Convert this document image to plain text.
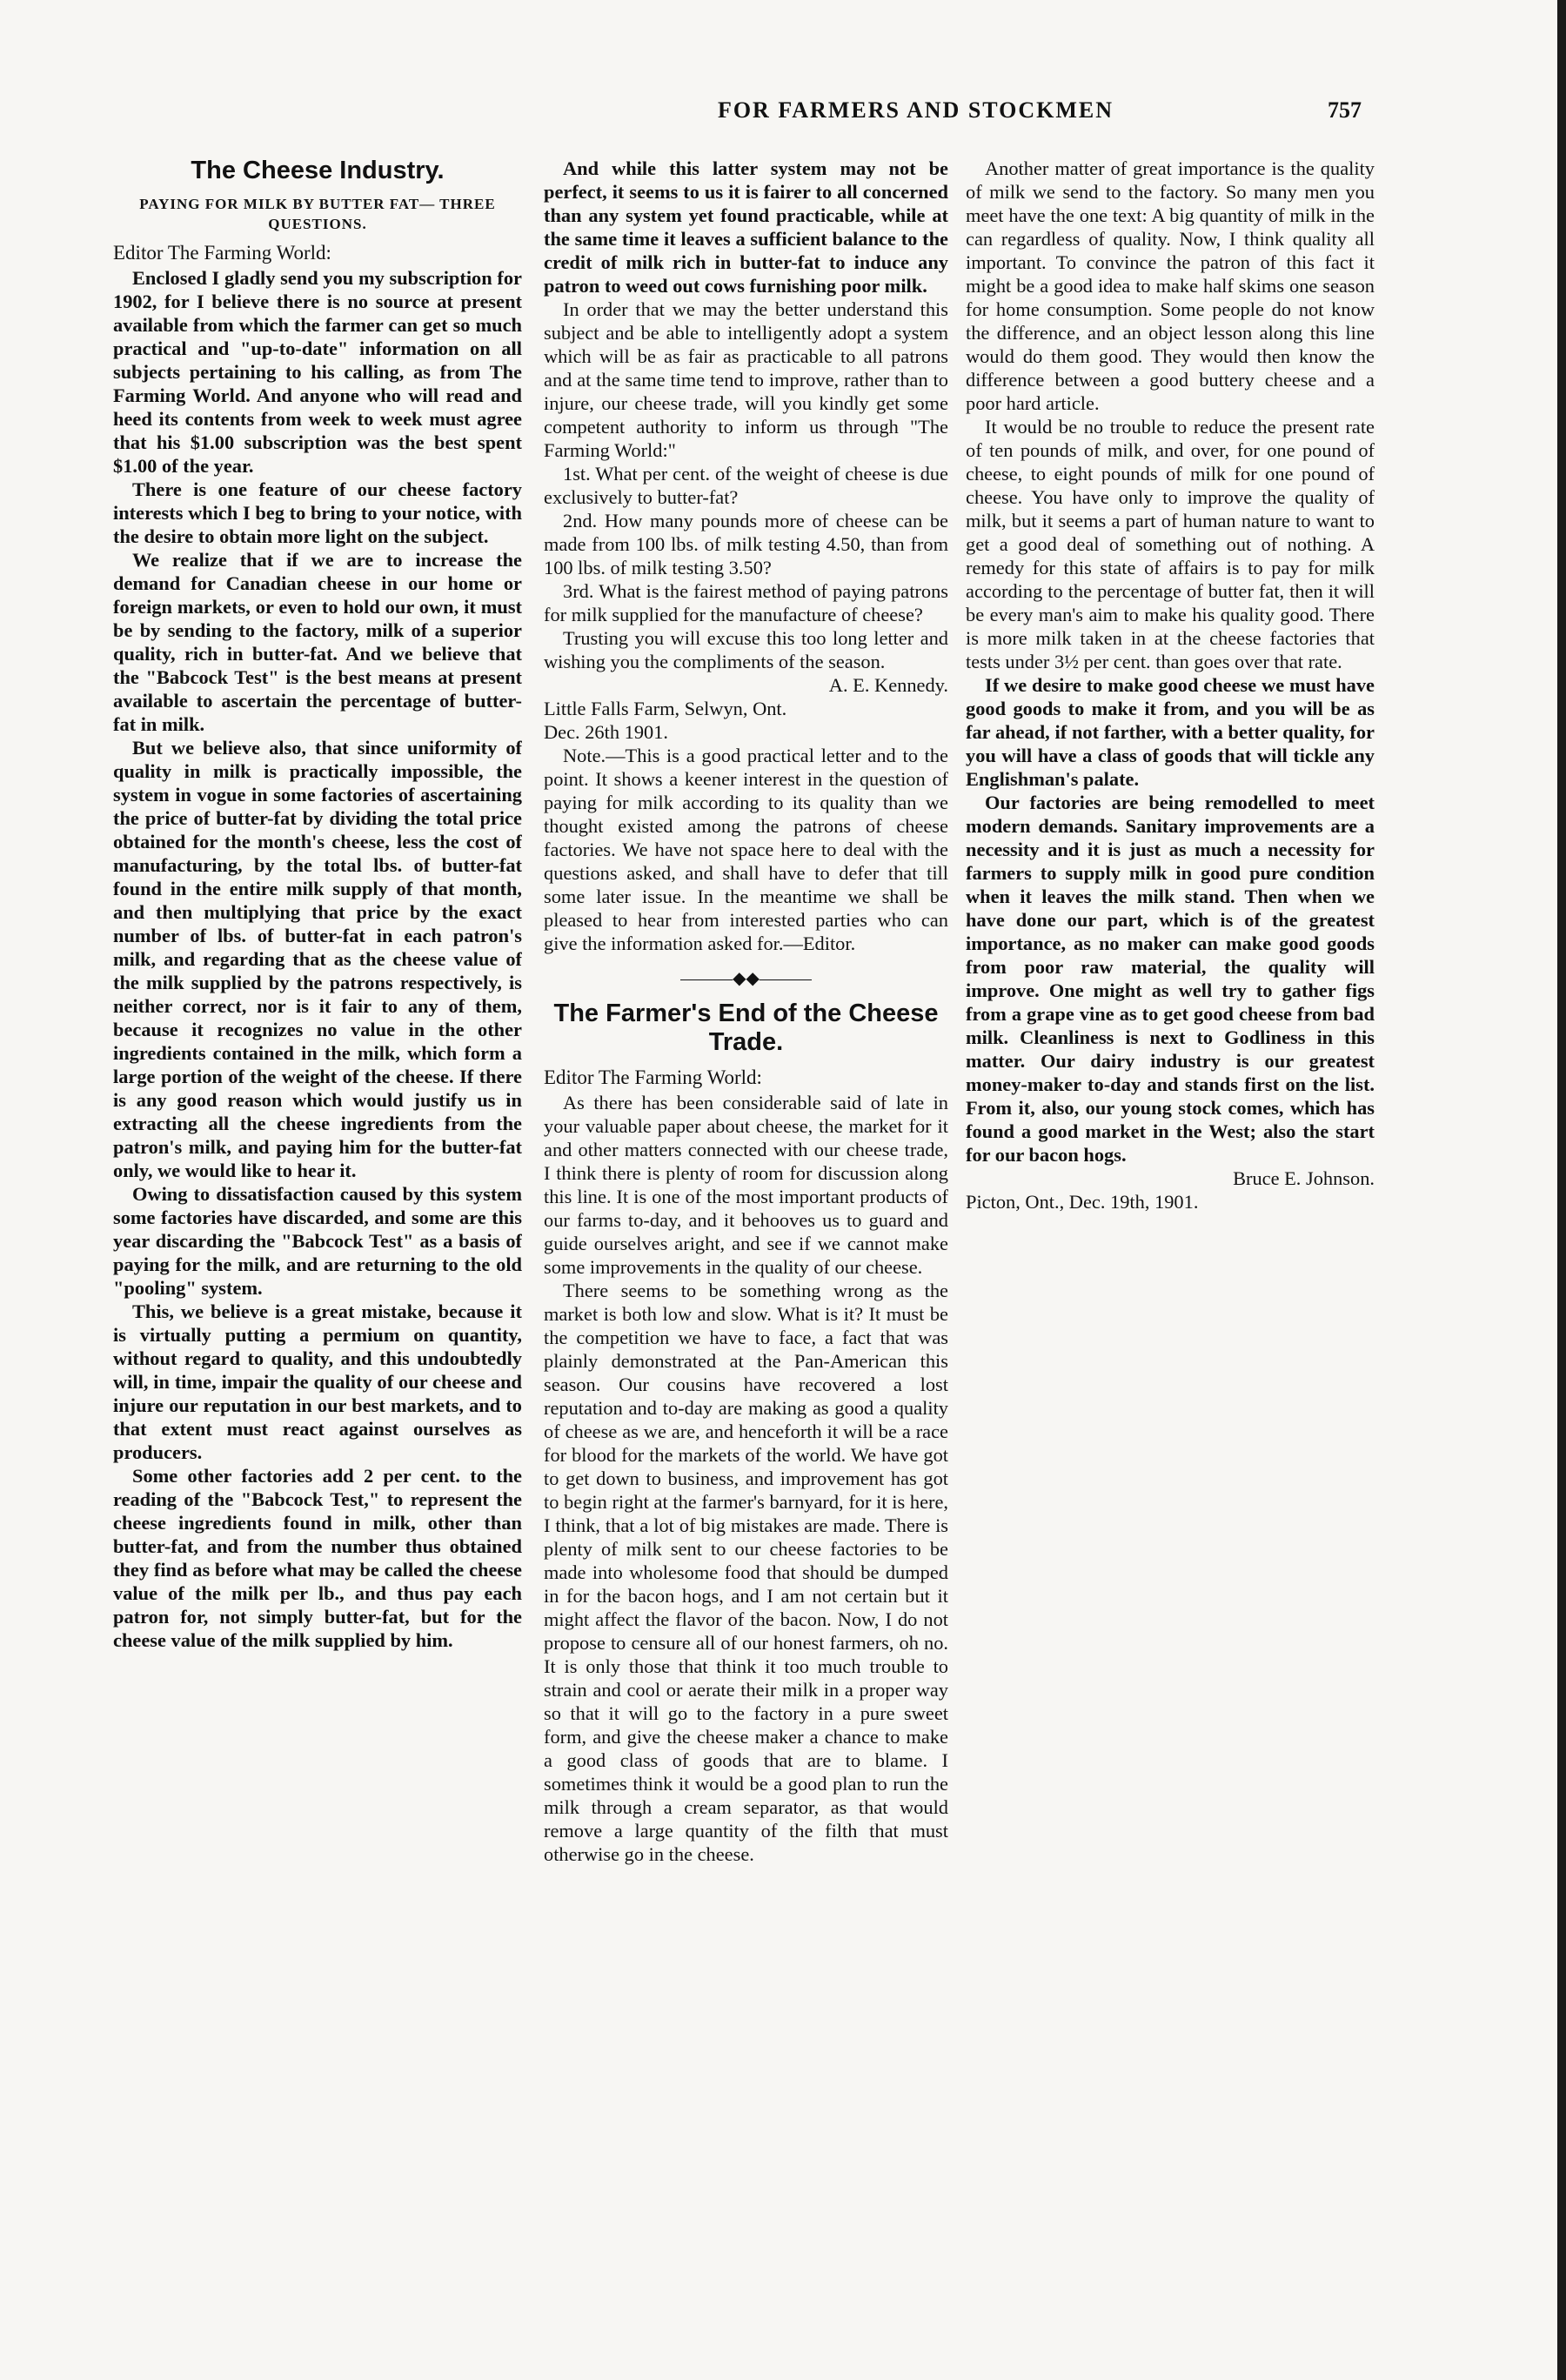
FOR FARMERS AND STOCKMEN	757
The Cheese Industry.
PAYING FOR MILK BY BUTTER FAT— THREE QUESTIONS.

Editor The Farming World:

Enclosed I gladly send you my subscription for 1902, for I believe there is no source at present available from which the farmer can get so much practical and "up-to-date" information on all subjects pertaining to his calling, as from The Farming World. And anyone who will read and heed its contents from week to week must agree that his $1.00 subscription was the best spent $1.00 of the year.

There is one feature of our cheese factory interests which I beg to bring to your notice, with the desire to obtain more light on the subject.

We realize that if we are to increase the demand for Canadian cheese in our home or foreign markets, or even to hold our own, it must be by sending to the factory, milk of a superior quality, rich in butter-fat. And we believe that the "Babcock Test" is the best means at present available to ascertain the percentage of butter-fat in milk.

But we believe also, that since uniformity of quality in milk is practically impossible, the system in vogue in some factories of ascertaining the price of butter-fat by dividing the total price obtained for the month's cheese, less the cost of manufacturing, by the total lbs. of butter-fat found in the entire milk supply of that month, and then multiplying that price by the exact number of lbs. of butter-fat in each patron's milk, and regarding that as the cheese value of the milk supplied by the patrons respectively, is neither correct, nor is it fair to any of them, because it recognizes no value in the other ingredients contained in the milk, which form a large portion of the weight of the cheese. If there is any good reason which would justify us in extracting all the cheese ingredients from the patron's milk, and paying him for the butter-fat only, we would like to hear it.

Owing to dissatisfaction caused by this system some factories have discarded, and some are this year discarding the "Babcock Test" as a basis of paying for the milk, and are returning to the old "pooling" system.

This, we believe is a great mistake, because it is virtually putting a permium on quantity, without regard to quality, and this undoubtedly will, in time, impair the quality of our cheese and injure our reputation in our best markets, and to that extent must react against ourselves as producers.

Some other factories add 2 per cent. to the reading of the "Babcock Test," to represent the cheese ingredients found in milk, other than butter-fat, and from the number thus obtained they find as before what may be called the cheese value of the milk per lb., and thus pay each patron for, not simply butter-fat, but for the cheese value of the milk supplied by him.

And while this latter system may not be perfect, it seems to us it is fairer to all concerned than any system yet found practicable, while at the same time it leaves a sufficient balance to the credit of milk rich in butter-fat to induce any patron to weed out cows furnishing poor milk.

In order that we may the better understand this subject and be able to intelligently adopt a system which will be as fair as practicable to all patrons and at the same time tend to improve, rather than to injure, our cheese trade, will you kindly get some competent authority to inform us through "The Farming World:"

1st. What per cent. of the weight of cheese is due exclusively to butter-fat?

2nd. How many pounds more of cheese can be made from 100 lbs. of milk testing 4.50, than from 100 lbs. of milk testing 3.50?

3rd. What is the fairest method of paying patrons for milk supplied for the manufacture of cheese?

Trusting you will excuse this too long letter and wishing you the compliments of the season.

A. E. Kennedy.

Little Falls Farm, Selwyn, Ont.

Dec. 26th 1901.

Note.—This is a good practical letter and to the point. It shows a keener interest in the question of paying for milk according to its quality than we thought existed among the patrons of cheese factories. We have not space here to deal with the questions asked, and shall have to defer that till some later issue. In the meantime we shall be pleased to hear from interested parties who can give the information asked for.—Editor.

———◆◆———
The Farmer's End of the Cheese Trade.

Editor The Farming World:

As there has been considerable said of late in your valuable paper about cheese, the market for it and other matters connected with our cheese trade, I think there is plenty of room for discussion along this line. It is one of the most important products of our farms to-day, and it behooves us to guard and guide ourselves aright, and see if we cannot make some improvements in the quality of our cheese.

There seems to be something wrong as the market is both low and slow. What is it? It must be the competition we have to face, a fact that was plainly demonstrated at the Pan-American this season. Our cousins have recovered a lost reputation and to-day are making as good a quality of cheese as we are, and henceforth it will be a race for blood for the markets of the world. We have got to get down to business, and improvement has got to begin right at the farmer's barnyard, for it is here, I think, that a lot of big mistakes are made. There is plenty of milk sent to our cheese factories to be made into wholesome food that should be dumped in for the bacon hogs, and I am not certain but it might affect the flavor of the bacon. Now, I do not propose to censure all of our honest farmers, oh no. It is only those that think it too much trouble to strain and cool or aerate their milk in a proper way so that it will go to the factory in a pure sweet form, and give the cheese maker a chance to make a good class of goods that are to blame. I sometimes think it would be a good plan to run the milk through a cream separator, as that would remove a large quantity of the filth that must otherwise go in the cheese.

Another matter of great importance is the quality of milk we send to the factory. So many men you meet have the one text: A big quantity of milk in the can regardless of quality. Now, I think quality all important. To convince the patron of this fact it might be a good idea to make half skims one season for home consumption. Some people do not know the difference, and an object lesson along this line would do them good. They would then know the difference between a good buttery cheese and a poor hard article.

It would be no trouble to reduce the present rate of ten pounds of milk, and over, for one pound of cheese, to eight pounds of milk for one pound of cheese. You have only to improve the quality of milk, but it seems a part of human nature to want to get a good deal of something out of nothing. A remedy for this state of affairs is to pay for milk according to the percentage of butter fat, then it will be every man's aim to make his quality good. There is more milk taken in at the cheese factories that tests under 3½ per cent. than goes over that rate.

If we desire to make good cheese we must have good goods to make it from, and you will be as far ahead, if not farther, with a better quality, for you will have a class of goods that will tickle any Englishman's palate.

Our factories are being remodelled to meet modern demands. Sanitary improvements are a necessity and it is just as much a necessity for farmers to supply milk in good pure condition when it leaves the milk stand. Then when we have done our part, which is of the greatest importance, as no maker can make good goods from poor raw material, the quality will improve. One might as well try to gather figs from a grape vine as to get good cheese from bad milk. Cleanliness is next to Godliness in this matter. Our dairy industry is our greatest money-maker to-day and stands first on the list. From it, also, our young stock comes, which has found a good market in the West; also the start for our bacon hogs.

Bruce E. Johnson.

Picton, Ont., Dec. 19th, 1901.
